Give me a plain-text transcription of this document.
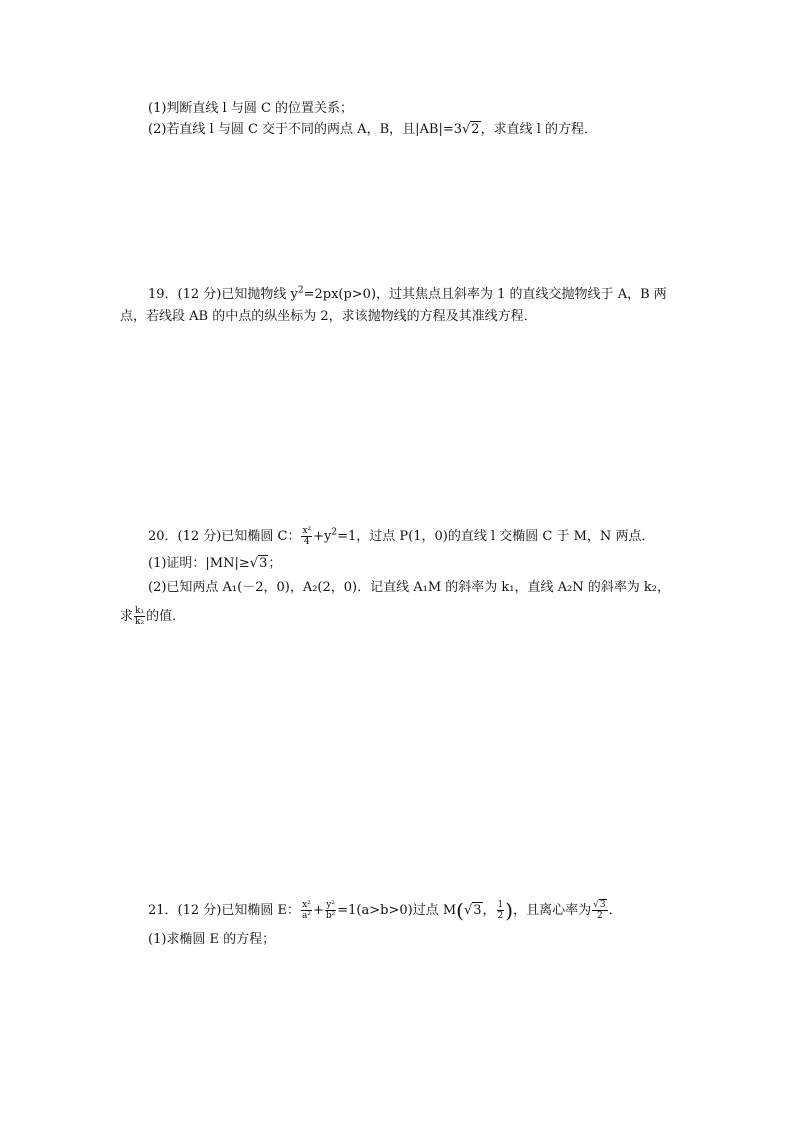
(1)判断直线 l 与圆 C 的位置关系；
(2)若直线 l 与圆 C 交于不同的两点 A，B，且|AB|=3√2，求直线 l 的方程．
19．(12 分)已知抛物线 $y^2=2px(p>0)$，过其焦点且斜率为 1 的直线交抛物线于 A，B 两
点，若线段 AB 的中点的纵坐标为 2，求该抛物线的方程及其准线方程．
20．(12 分)已知椭圆 C： $\frac{\text{x²}}{4} +y^2=1$，过点 P(1，0)的直线 l 交椭圆 C 于 M，N 两点．
(1)证明：|MN|≥√3；
(2)已知两点 A₁(－2，0)，A₂(2，0)．记直线 A₁M 的斜率为 k₁，直线 A₂N 的斜率为 k₂，
求 $\frac{\text{k₁}}{\text{k₂}}$ 的值．
21．(12 分)已知椭圆 E： $\frac{\text{x²}}{\text{a²}} + \frac{\text{y²}}{\text{b²}} =1(a>b>0)$过点 M(√3， $\frac{1}{2}$ )，且离心率为 $\frac{√3}{2}$ ．
(1)求椭圆 E 的方程；
